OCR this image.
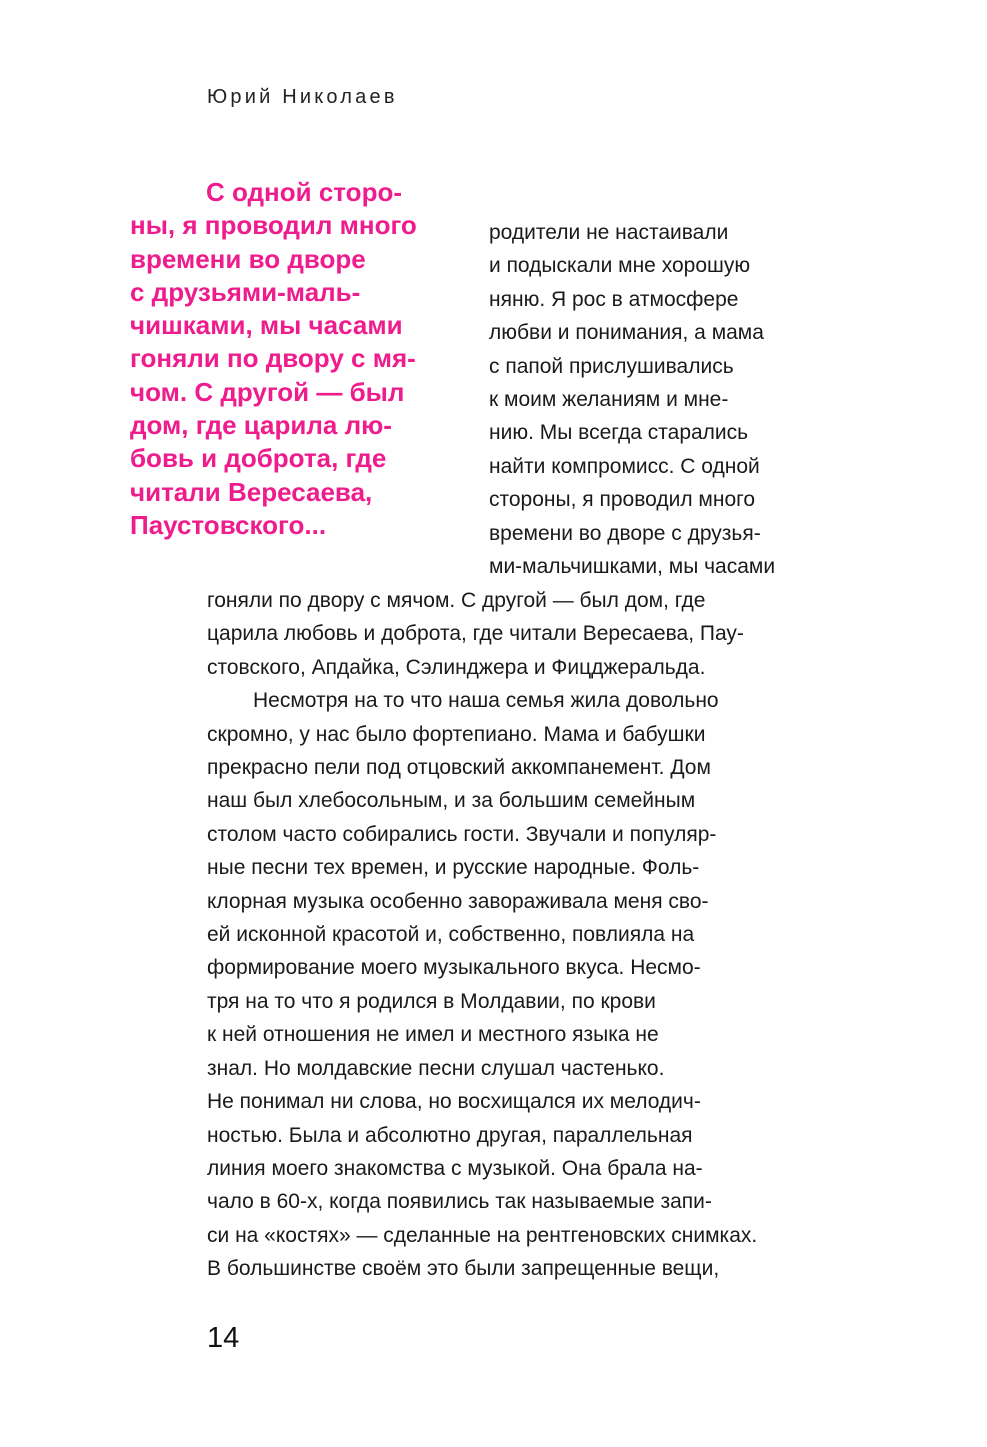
Юрий Николаев
С одной сторо-
ны, я проводил много
времени во дворе
с друзьями-маль-
чишками, мы часами
гоняли по двору с мя-
чом. С другой — был
дом, где царила лю-
бовь и доброта, где
читали Вересаева,
Паустовского...
родители не настаивали
и подыскали мне хорошую
няню. Я рос в атмосфере
любви и понимания, а мама
с папой прислушивались
к моим желаниям и мне-
нию. Мы всегда старались
найти компромисс. С одной
стороны, я проводил много
времени во дворе с друзья-
ми-мальчишками, мы часами
гоняли по двору с мячом. С другой — был дом, где
царила любовь и доброта, где читали Вересаева, Пау-
стовского, Апдайка, Сэлинджера и Фицджеральда.
Несмотря на то что наша семья жила довольно
скромно, у нас было фортепиано. Мама и бабушки
прекрасно пели под отцовский аккомпанемент. Дом
наш был хлебосольным, и за большим семейным
столом часто собирались гости. Звучали и популяр-
ные песни тех времен, и русские народные. Фоль-
клорная музыка особенно завораживала меня сво-
ей исконной красотой и, собственно, повлияла на
формирование моего музыкального вкуса. Несмо-
тря на то что я родился в Молдавии, по крови
к ней отношения не имел и местного языка не
знал. Но молдавские песни слушал частенько.
Не понимал ни слова, но восхищался их мелодич-
ностью. Была и абсолютно другая, параллельная
линия моего знакомства с музыкой. Она брала на-
чало в 60-х, когда появились так называемые запи-
си на «костях» — сделанные на рентгеновских снимках.
В большинстве своём это были запрещенные вещи,
14
